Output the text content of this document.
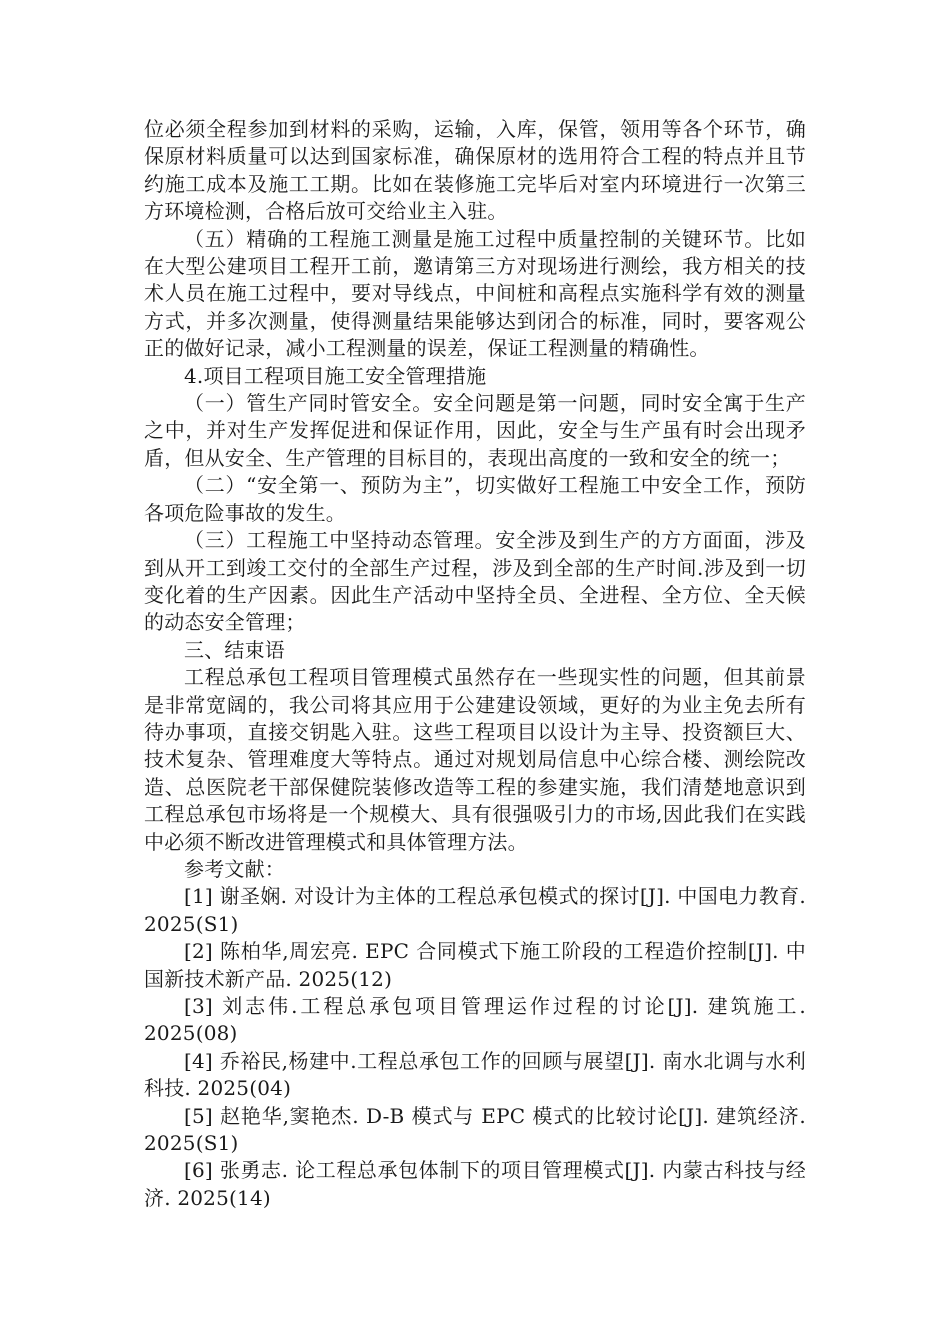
位必须全程参加到材料的采购，运输，入库，保管，领用等各个环节，确保原材料质量可以达到国家标准，确保原材的选用符合工程的特点并且节约施工成本及施工工期。比如在装修施工完毕后对室内环境进行一次第三方环境检测，合格后放可交给业主入驻。

（五）精确的工程施工测量是施工过程中质量控制的关键环节。比如在大型公建项目工程开工前，邀请第三方对现场进行测绘，我方相关的技术人员在施工过程中，要对导线点，中间桩和高程点实施科学有效的测量方式，并多次测量，使得测量结果能够达到闭合的标准，同时，要客观公正的做好记录，减小工程测量的误差，保证工程测量的精确性。

4.项目工程项目施工安全管理措施

（一）管生产同时管安全。安全问题是第一问题，同时安全寓于生产之中，并对生产发挥促进和保证作用，因此，安全与生产虽有时会出现矛盾，但从安全、生产管理的目标目的，表现出高度的一致和安全的统一；

（二）“安全第一、预防为主”，切实做好工程施工中安全工作，预防各项危险事故的发生。

（三）工程施工中坚持动态管理。安全涉及到生产的方方面面，涉及到从开工到竣工交付的全部生产过程，涉及到全部的生产时间.涉及到一切变化着的生产因素。因此生产活动中坚持全员、全进程、全方位、全天候的动态安全管理；

三、结束语

工程总承包工程项目管理模式虽然存在一些现实性的问题，但其前景是非常宽阔的，我公司将其应用于公建建设领域，更好的为业主免去所有待办事项，直接交钥匙入驻。这些工程项目以设计为主导、投资额巨大、技术复杂、管理难度大等特点。通过对规划局信息中心综合楼、测绘院改造、总医院老干部保健院装修改造等工程的参建实施，我们清楚地意识到工程总承包市场将是一个规模大、具有很强吸引力的市场,因此我们在实践中必须不断改进管理模式和具体管理方法。

参考文献：

[1] 谢圣娴. 对设计为主体的工程总承包模式的探讨[J]. 中国电力教育. 2025(S1)

[2] 陈柏华,周宏亮. EPC 合同模式下施工阶段的工程造价控制[J]. 中国新技术新产品. 2025(12)

[3] 刘志伟.工程总承包项目管理运作过程的讨论[J]. 建筑施工. 2025(08)

[4] 乔裕民,杨建中.工程总承包工作的回顾与展望[J]. 南水北调与水利科技. 2025(04)

[5] 赵艳华,窦艳杰. D-B 模式与 EPC 模式的比较讨论[J]. 建筑经济. 2025(S1)

[6] 张勇志. 论工程总承包体制下的项目管理模式[J]. 内蒙古科技与经济. 2025(14)
